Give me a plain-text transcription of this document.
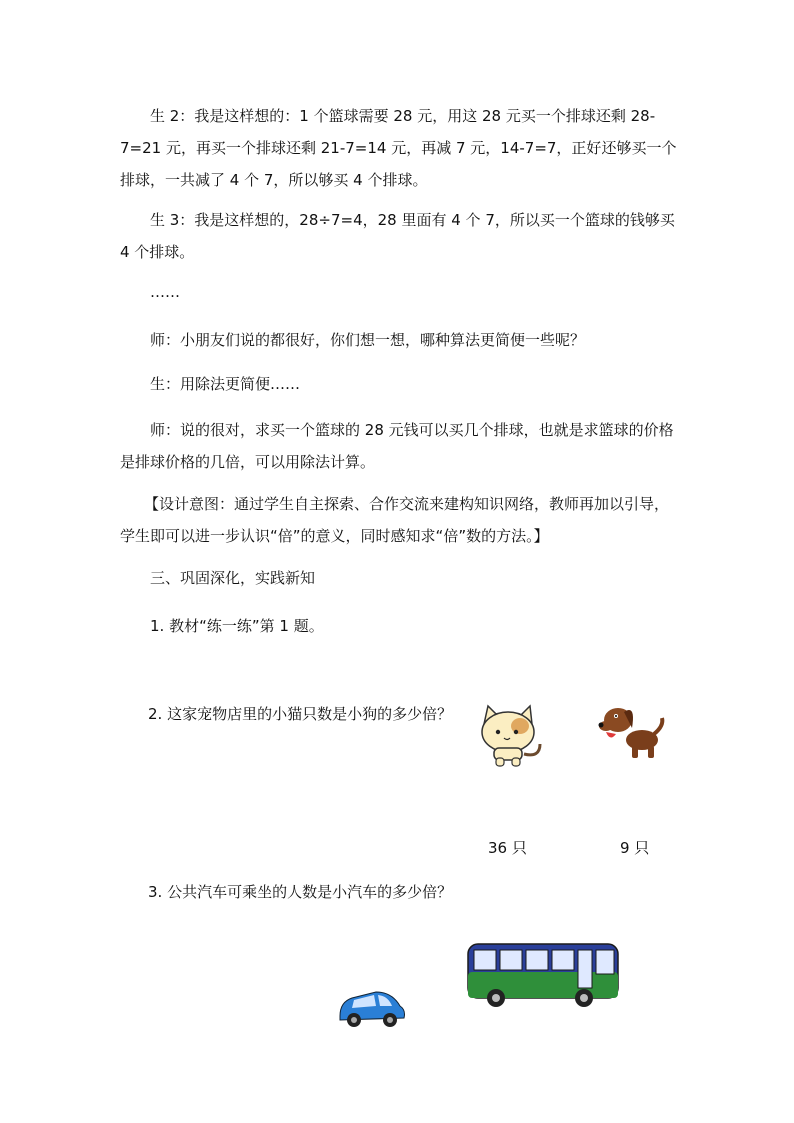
生 2：我是这样想的：1 个篮球需要 28 元，用这 28 元买一个排球还剩 28-7=21 元，再买一个排球还剩 21-7=14 元，再减 7 元，14-7=7，正好还够买一个排球，一共减了 4 个 7，所以够买 4 个排球。

生 3：我是这样想的，28÷7=4，28 里面有 4 个 7，所以买一个篮球的钱够买 4 个排球。

……

师：小朋友们说的都很好，你们想一想，哪种算法更简便一些呢？

生：用除法更简便……

师：说的很对，求买一个篮球的 28 元钱可以买几个排球，也就是求篮球的价格是排球价格的几倍，可以用除法计算。

【设计意图：通过学生自主探索、合作交流来建构知识网络，教师再加以引导，学生即可以进一步认识“倍”的意义，同时感知求“倍”数的方法。】

三、巩固深化，实践新知

1. 教材“练一练”第 1 题。

2. 这家宠物店里的小猫只数是小狗的多少倍？
36 只	9 只
3. 公共汽车可乘坐的人数是小汽车的多少倍？
